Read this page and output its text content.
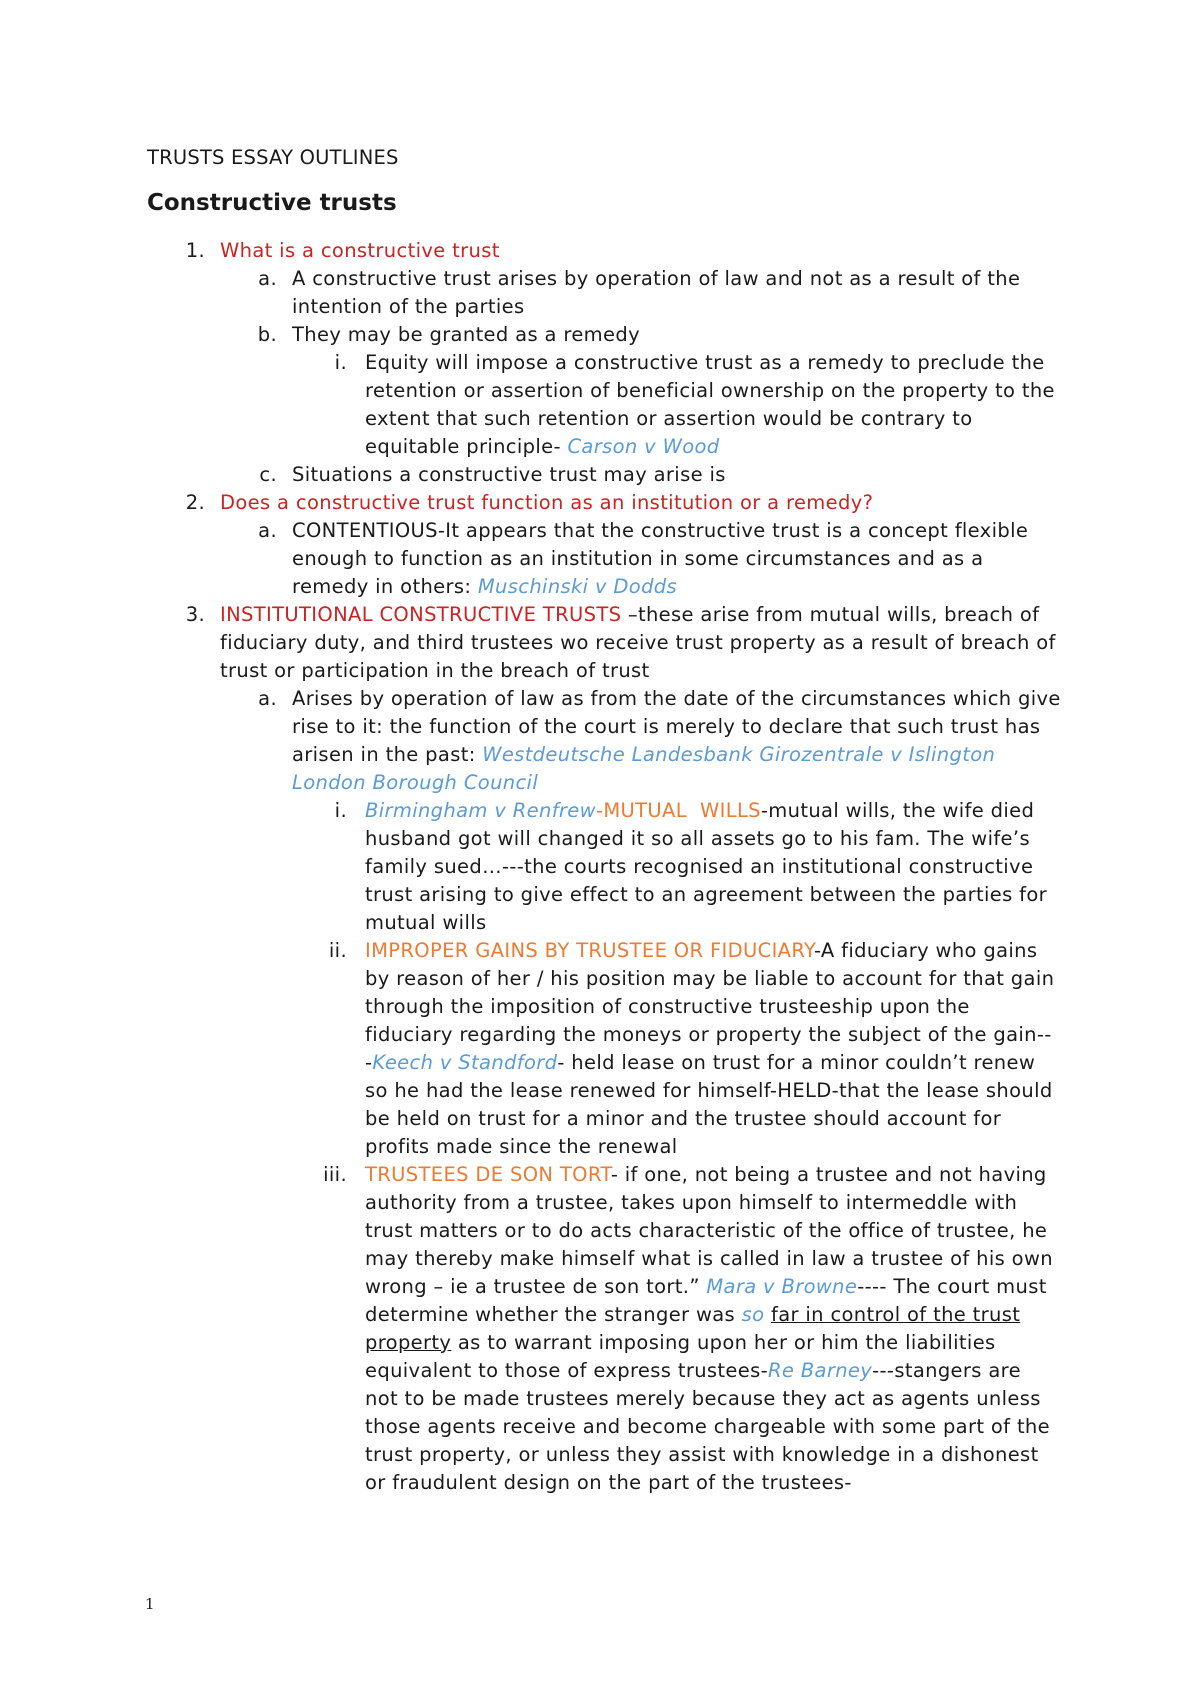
TRUSTS ESSAY OUTLINES
Constructive trusts
1. What is a constructive trust
a. A constructive trust arises by operation of law and not as a result of the intention of the parties
b. They may be granted as a remedy
i. Equity will impose a constructive trust as a remedy to preclude the retention or assertion of beneficial ownership on the property to the extent that such retention or assertion would be contrary to equitable principle- Carson v Wood
c. Situations a constructive trust may arise is
2. Does a constructive trust function as an institution or a remedy?
a. CONTENTIOUS-It appears that the constructive trust is a concept flexible enough to function as an institution in some circumstances and as a remedy in others: Muschinski v Dodds
3. INSTITUTIONAL CONSTRUCTIVE TRUSTS –these arise from mutual wills, breach of fiduciary duty, and third trustees wo receive trust property as a result of breach of trust or participation in the breach of trust
a. Arises by operation of law as from the date of the circumstances which give rise to it: the function of the court is merely to declare that such trust has arisen in the past: Westdeutsche Landesbank Girozentrale v Islington London Borough Council
i. Birmingham v Renfrew-MUTUAL  WILLS-mutual wills, the wife died husband got will changed it so all assets go to his fam. The wife’s family sued…---the courts recognised an institutional constructive trust arising to give effect to an agreement between the parties for mutual wills
ii. IMPROPER GAINS BY TRUSTEE OR FIDUCIARY-A fiduciary who gains by reason of her / his position may be liable to account for that gain through the imposition of constructive trusteeship upon the fiduciary regarding the moneys or property the subject of the gain---Keech v Standford- held lease on trust for a minor couldn’t renew so he had the lease renewed for himself-HELD-that the lease should be held on trust for a minor and the trustee should account for profits made since the renewal
iii. TRUSTEES DE SON TORT- if one, not being a trustee and not having authority from a trustee, takes upon himself to intermeddle with trust matters or to do acts characteristic of the office of trustee, he may thereby make himself what is called in law a trustee of his own wrong – ie a trustee de son tort.” Mara v Browne---- The court must determine whether the stranger was so far in control of the trust property as to warrant imposing upon her or him the liabilities equivalent to those of express trustees-Re Barney---stangers are not to be made trustees merely because they act as agents unless those agents receive and become chargeable with some part of the trust property, or unless they assist with knowledge in a dishonest or fraudulent design on the part of the trustees-
1
